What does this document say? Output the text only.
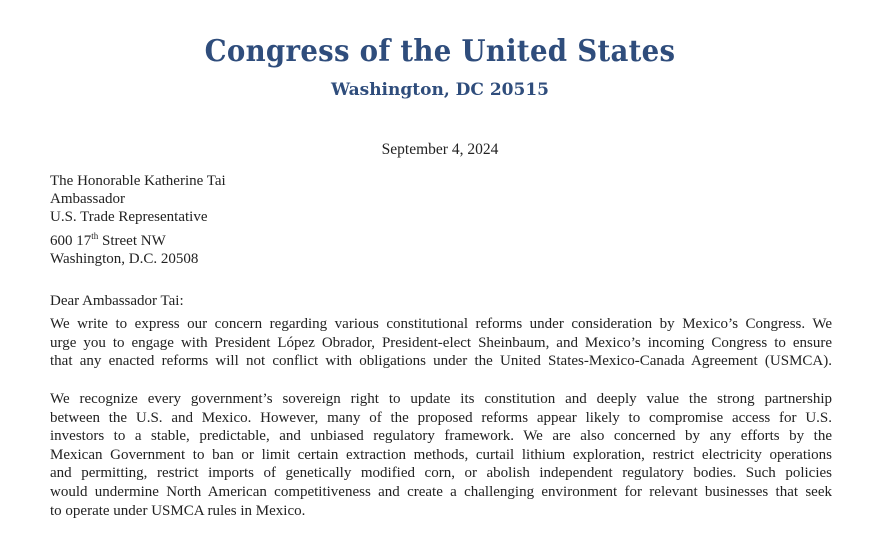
Congress of the United States
Washington, DC 20515
September 4, 2024
The Honorable Katherine Tai
Ambassador
U.S. Trade Representative
600 17th Street NW
Washington, D.C. 20508
Dear Ambassador Tai:
We write to express our concern regarding various constitutional reforms under consideration by Mexico’s Congress. We
urge you to engage with President López Obrador, President-elect Sheinbaum, and Mexico’s incoming Congress to ensure
that any enacted reforms will not conflict with obligations under the United States-Mexico-Canada Agreement (USMCA).
We recognize every government’s sovereign right to update its constitution and deeply value the strong partnership
between the U.S. and Mexico. However, many of the proposed reforms appear likely to compromise access for U.S.
investors to a stable, predictable, and unbiased regulatory framework. We are also concerned by any efforts by the
Mexican Government to ban or limit certain extraction methods, curtail lithium exploration, restrict electricity operations
and permitting, restrict imports of genetically modified corn, or abolish independent regulatory bodies. Such policies
would undermine North American competitiveness and create a challenging environment for relevant businesses that seek
to operate under USMCA rules in Mexico.
